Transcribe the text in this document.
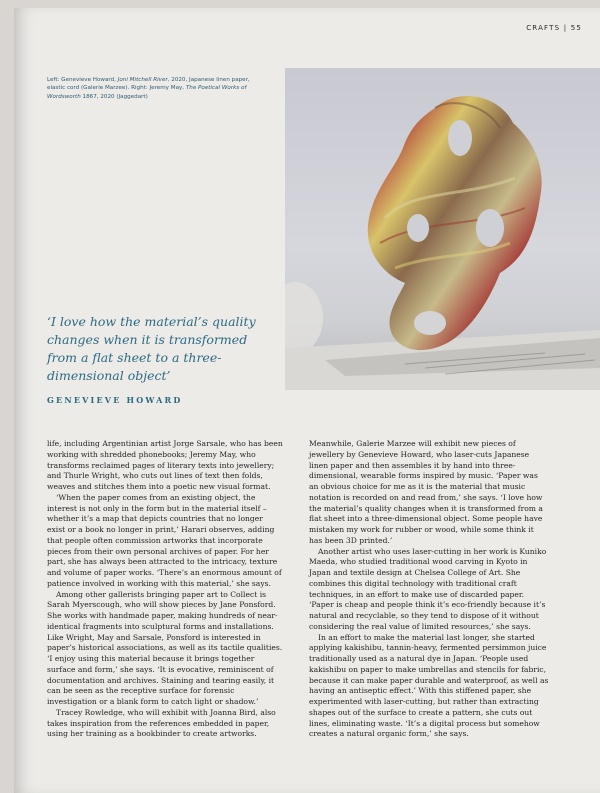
CRAFTS | 55
Left: Genevieve Howard, Joni Mitchell River, 2020, Japanese linen paper, elastic cord (Galerie Marzee). Right: Jeremy May, The Poetical Works of Wordsworth 1867, 2020 (Jaggedart)
‘I love how the material’s quality changes when it is transformed from a flat sheet to a three-dimensional object’
GENEVIEVE HOWARD

life, including Argentinian artist Jorge Sarsale, who has been working with shredded phonebooks; Jeremy May, who transforms reclaimed pages of literary texts into jewellery; and Thurle Wright, who cuts out lines of text then folds, weaves and stitches them into a poetic new visual format.

‘When the paper comes from an existing object, the interest is not only in the form but in the material itself – whether it’s a map that depicts countries that no longer exist or a book no longer in print,’ Harari observes, adding that people often commission artworks that incorporate pieces from their own personal archives of paper. For her part, she has always been attracted to the intricacy, texture and volume of paper works. ‘There’s an enormous amount of patience involved in working with this material,’ she says.

Among other gallerists bringing paper art to Collect is Sarah Myerscough, who will show pieces by Jane Ponsford. She works with handmade paper, making hundreds of near-identical fragments into sculptural forms and installations. Like Wright, May and Sarsale, Ponsford is interested in paper’s historical associations, as well as its tactile qualities. ‘I enjoy using this material because it brings together surface and form,’ she says. ‘It is evocative, reminiscent of documentation and archives. Staining and tearing easily, it can be seen as the receptive surface for forensic investigation or a blank form to catch light or shadow.’

Tracey Rowledge, who will exhibit with Joanna Bird, also takes inspiration from the references embedded in paper, using her training as a bookbinder to create artworks.

Meanwhile, Galerie Marzee will exhibit new pieces of jewellery by Genevieve Howard, who laser-cuts Japanese linen paper and then assembles it by hand into three-dimensional, wearable forms inspired by music. ‘Paper was an obvious choice for me as it is the material that music notation is recorded on and read from,’ she says. ‘I love how the material’s quality changes when it is transformed from a flat sheet into a three-dimensional object. Some people have mistaken my work for rubber or wood, while some think it has been 3D printed.’

Another artist who uses laser-cutting in her work is Kuniko Maeda, who studied traditional wood carving in Kyoto in Japan and textile design at Chelsea College of Art. She combines this digital technology with traditional craft techniques, in an effort to make use of discarded paper. ‘Paper is cheap and people think it’s eco-friendly because it’s natural and recyclable, so they tend to dispose of it without considering the real value of limited resources,’ she says.

In an effort to make the material last longer, she started applying kakishibu, tannin-heavy, fermented persimmon juice traditionally used as a natural dye in Japan. ‘People used kakishibu on paper to make umbrellas and stencils for fabric, because it can make paper durable and waterproof, as well as having an antiseptic effect.’ With this stiffened paper, she experimented with laser-cutting, but rather than extracting shapes out of the surface to create a pattern, she cuts out lines, eliminating waste. ‘It’s a digital process but somehow creates a natural organic form,’ she says.
